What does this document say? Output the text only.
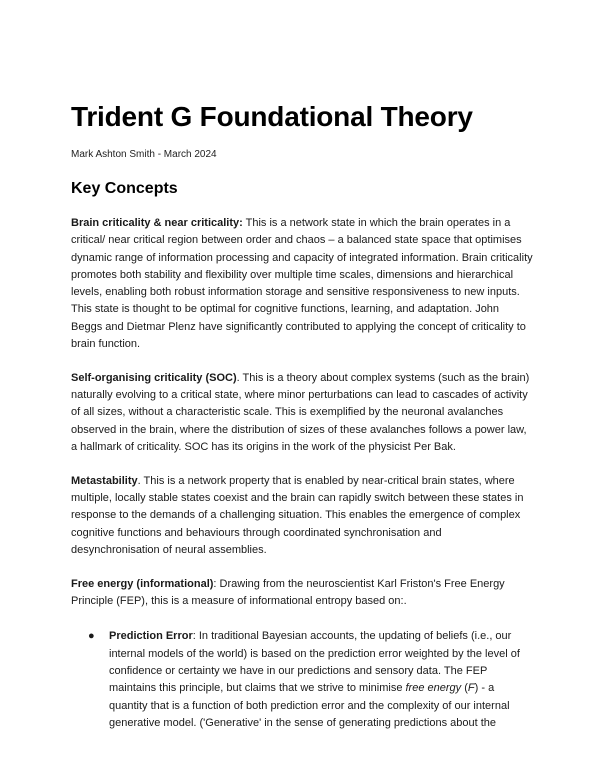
Trident G Foundational Theory
Mark Ashton Smith - March 2024
Key Concepts

Brain criticality & near criticality: This is a network state in which the brain operates in a critical/ near critical region between order and chaos – a balanced state space that optimises dynamic range of information processing and capacity of integrated information. Brain criticality promotes both stability and flexibility over multiple time scales, dimensions and hierarchical levels, enabling both robust information storage and sensitive responsiveness to new inputs. This state is thought to be optimal for cognitive functions, learning, and adaptation. John Beggs and Dietmar Plenz have significantly contributed to applying the concept of criticality to brain function.

Self-organising criticality (SOC). This is a theory about complex systems (such as the brain) naturally evolving to a critical state, where minor perturbations can lead to cascades of activity of all sizes, without a characteristic scale. This is exemplified by the neuronal avalanches observed in the brain, where the distribution of sizes of these avalanches follows a power law, a hallmark of criticality. SOC has its origins in the work of the physicist Per Bak.

Metastability. This is a network property that is enabled by near-critical brain states, where multiple, locally stable states coexist and the brain can rapidly switch between these states in response to the demands of a challenging situation. This enables the emergence of complex cognitive functions and behaviours through coordinated synchronisation and desynchronisation of neural assemblies.

Free energy (informational): Drawing from the neuroscientist Karl Friston's Free Energy Principle (FEP), this is a measure of informational entropy based on:.

● Prediction Error: In traditional Bayesian accounts, the updating of beliefs (i.e., our internal models of the world) is based on the prediction error weighted by the level of confidence or certainty we have in our predictions and sensory data. The FEP maintains this principle, but claims that we strive to minimise free energy (F) - a quantity that is a function of both prediction error and the complexity of our internal generative model. ('Generative' in the sense of generating predictions about the
